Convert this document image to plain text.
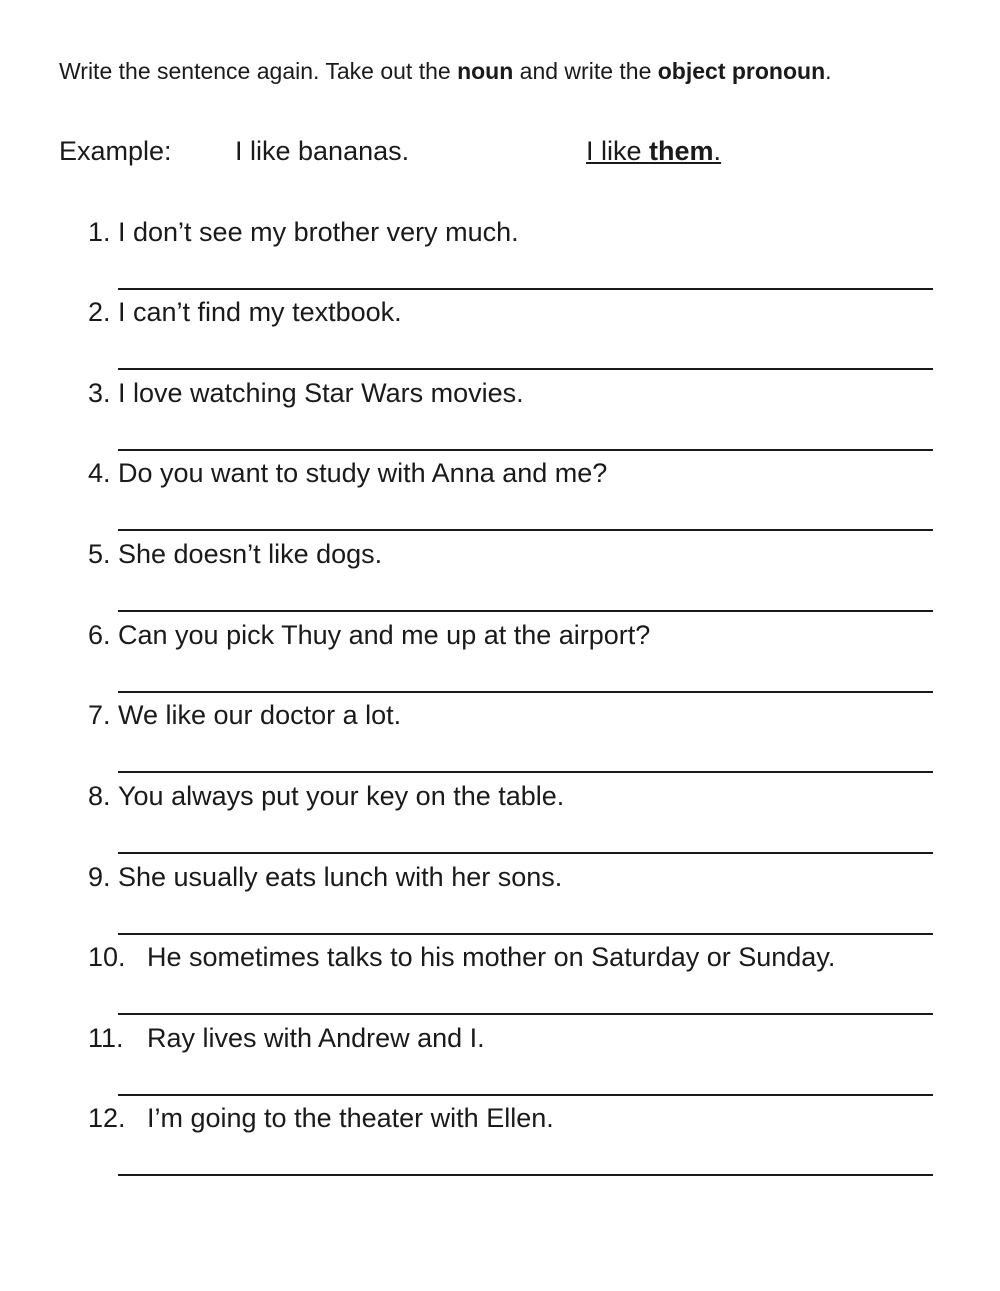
Write the sentence again. Take out the noun and write the object pronoun.
Example: I like bananas.	I like them.
1. I don’t see my brother very much.
2. I can’t find my textbook.
3. I love watching Star Wars movies.
4. Do you want to study with Anna and me?
5. She doesn’t like dogs.
6. Can you pick Thuy and me up at the airport?
7. We like our doctor a lot.
8. You always put your key on the table.
9. She usually eats lunch with her sons.
10. He sometimes talks to his mother on Saturday or Sunday.
11. Ray lives with Andrew and I.
12. I’m going to the theater with Ellen.
